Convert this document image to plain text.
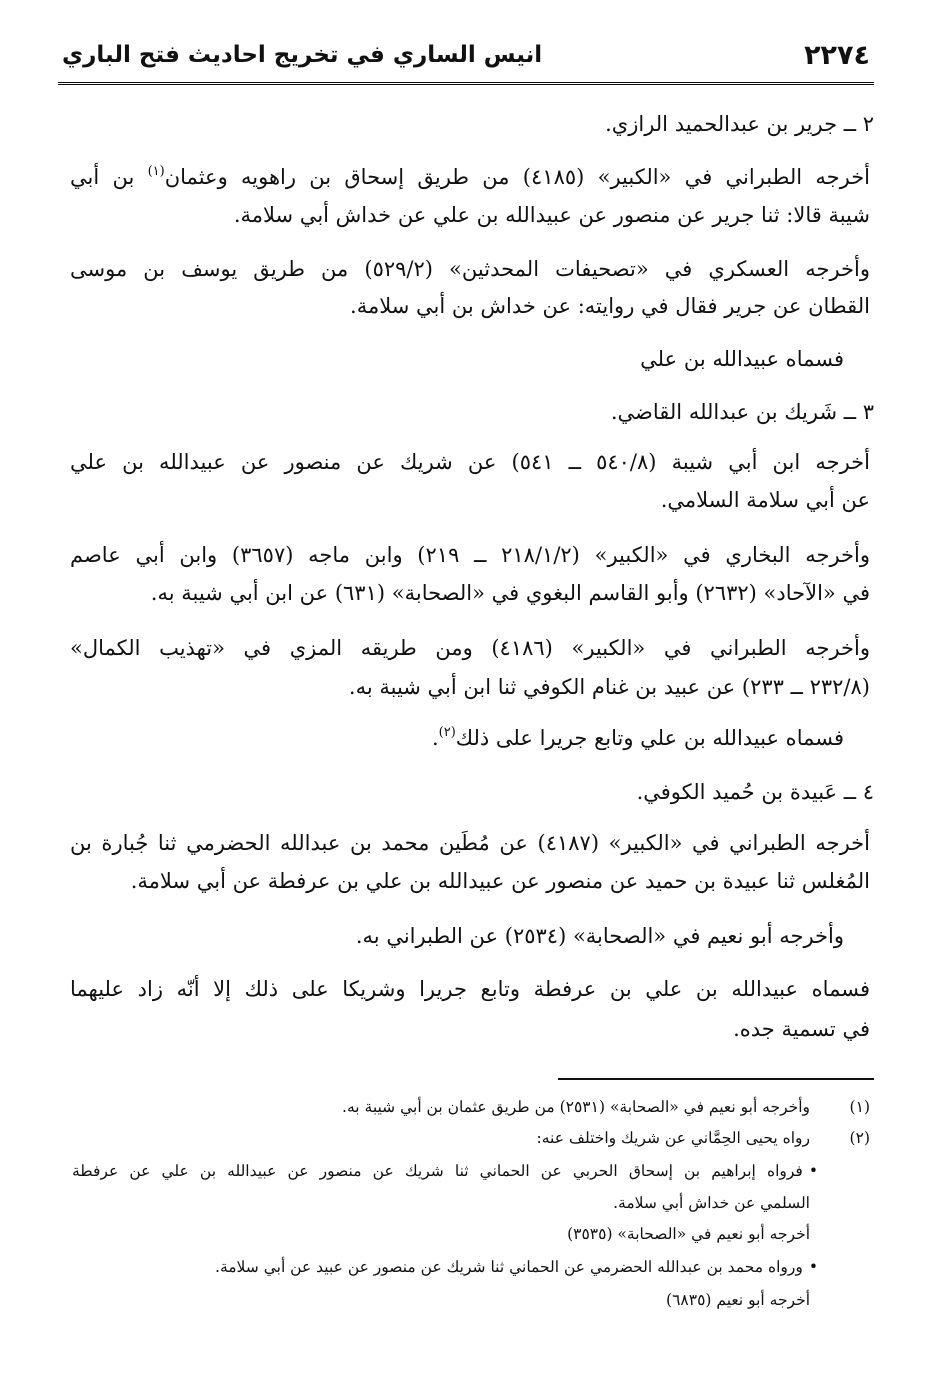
٢٢٧٤
انيس الساري في تخريج احاديث فتح الباري
٢ ــ جرير بن عبدالحميد الرازي.
أخرجه الطبراني في «الكبير» (٤١٨٥) من طريق إسحاق بن راهويه وعثمان$^{(١)}$ بن أبي
شيبة قالا: ثنا جرير عن منصور عن عبيدالله بن علي عن خداش أبي سلامة.
وأخرجه العسكري في «تصحيفات المحدثين» (٥٢٩/٢) من طريق يوسف بن موسى
القطان عن جرير فقال في روايته: عن خداش بن أبي سلامة.
فسماه عبيدالله بن علي
٣ ــ شَريك بن عبدالله القاضي.
أخرجه ابن أبي شيبة (٥٤٠/٨ ــ ٥٤١) عن شريك عن منصور عن عبيدالله بن علي
عن أبي سلامة السلامي.
وأخرجه البخاري في «الكبير» (٢١٨/١/٢ ــ ٢١٩) وابن ماجه (٣٦٥٧) وابن أبي عاصم
في «الآحاد» (٢٦٣٢) وأبو القاسم البغوي في «الصحابة» (٦٣١) عن ابن أبي شيبة به.
وأخرجه الطبراني في «الكبير» (٤١٨٦) ومن طريقه المزي في «تهذيب الكمال»
(٢٣٢/٨ ــ ٢٣٣) عن عبيد بن غنام الكوفي ثنا ابن أبي شيبة به.
فسماه عبيدالله بن علي وتابع جريرا على ذلك$^{(٢)}$.
٤ ــ عَبيدة بن حُميد الكوفي.
أخرجه الطبراني في «الكبير» (٤١٨٧) عن مُطَين محمد بن عبدالله الحضرمي ثنا جُبارة بن
المُغلس ثنا عبيدة بن حميد عن منصور عن عبيدالله بن علي بن عرفطة عن أبي سلامة.
وأخرجه أبو نعيم في «الصحابة» (٢٥٣٤) عن الطبراني به.
فسماه عبيدالله بن علي بن عرفطة وتابع جريرا وشريكا على ذلك إلا أنّه زاد عليهما
في تسمية جده.
(١)
وأخرجه أبو نعيم في «الصحابة» (٢٥٣١) من طريق عثمان بن أبي شيبة به.
(٢)
رواه يحيى الحِمَّاني عن شريك واختلف عنه:
•فرواه إبراهيم بن إسحاق الحربي عن الحماني ثنا شريك عن منصور عن عبيدالله بن علي عن عرفطة
السلمي عن خداش أبي سلامة.
أخرجه أبو نعيم في «الصحابة» (٣٥٣٥)
•ورواه محمد بن عبدالله الحضرمي عن الحماني ثنا شريك عن منصور عن عبيد عن أبي سلامة.
أخرجه أبو نعيم (٦٨٣٥)
